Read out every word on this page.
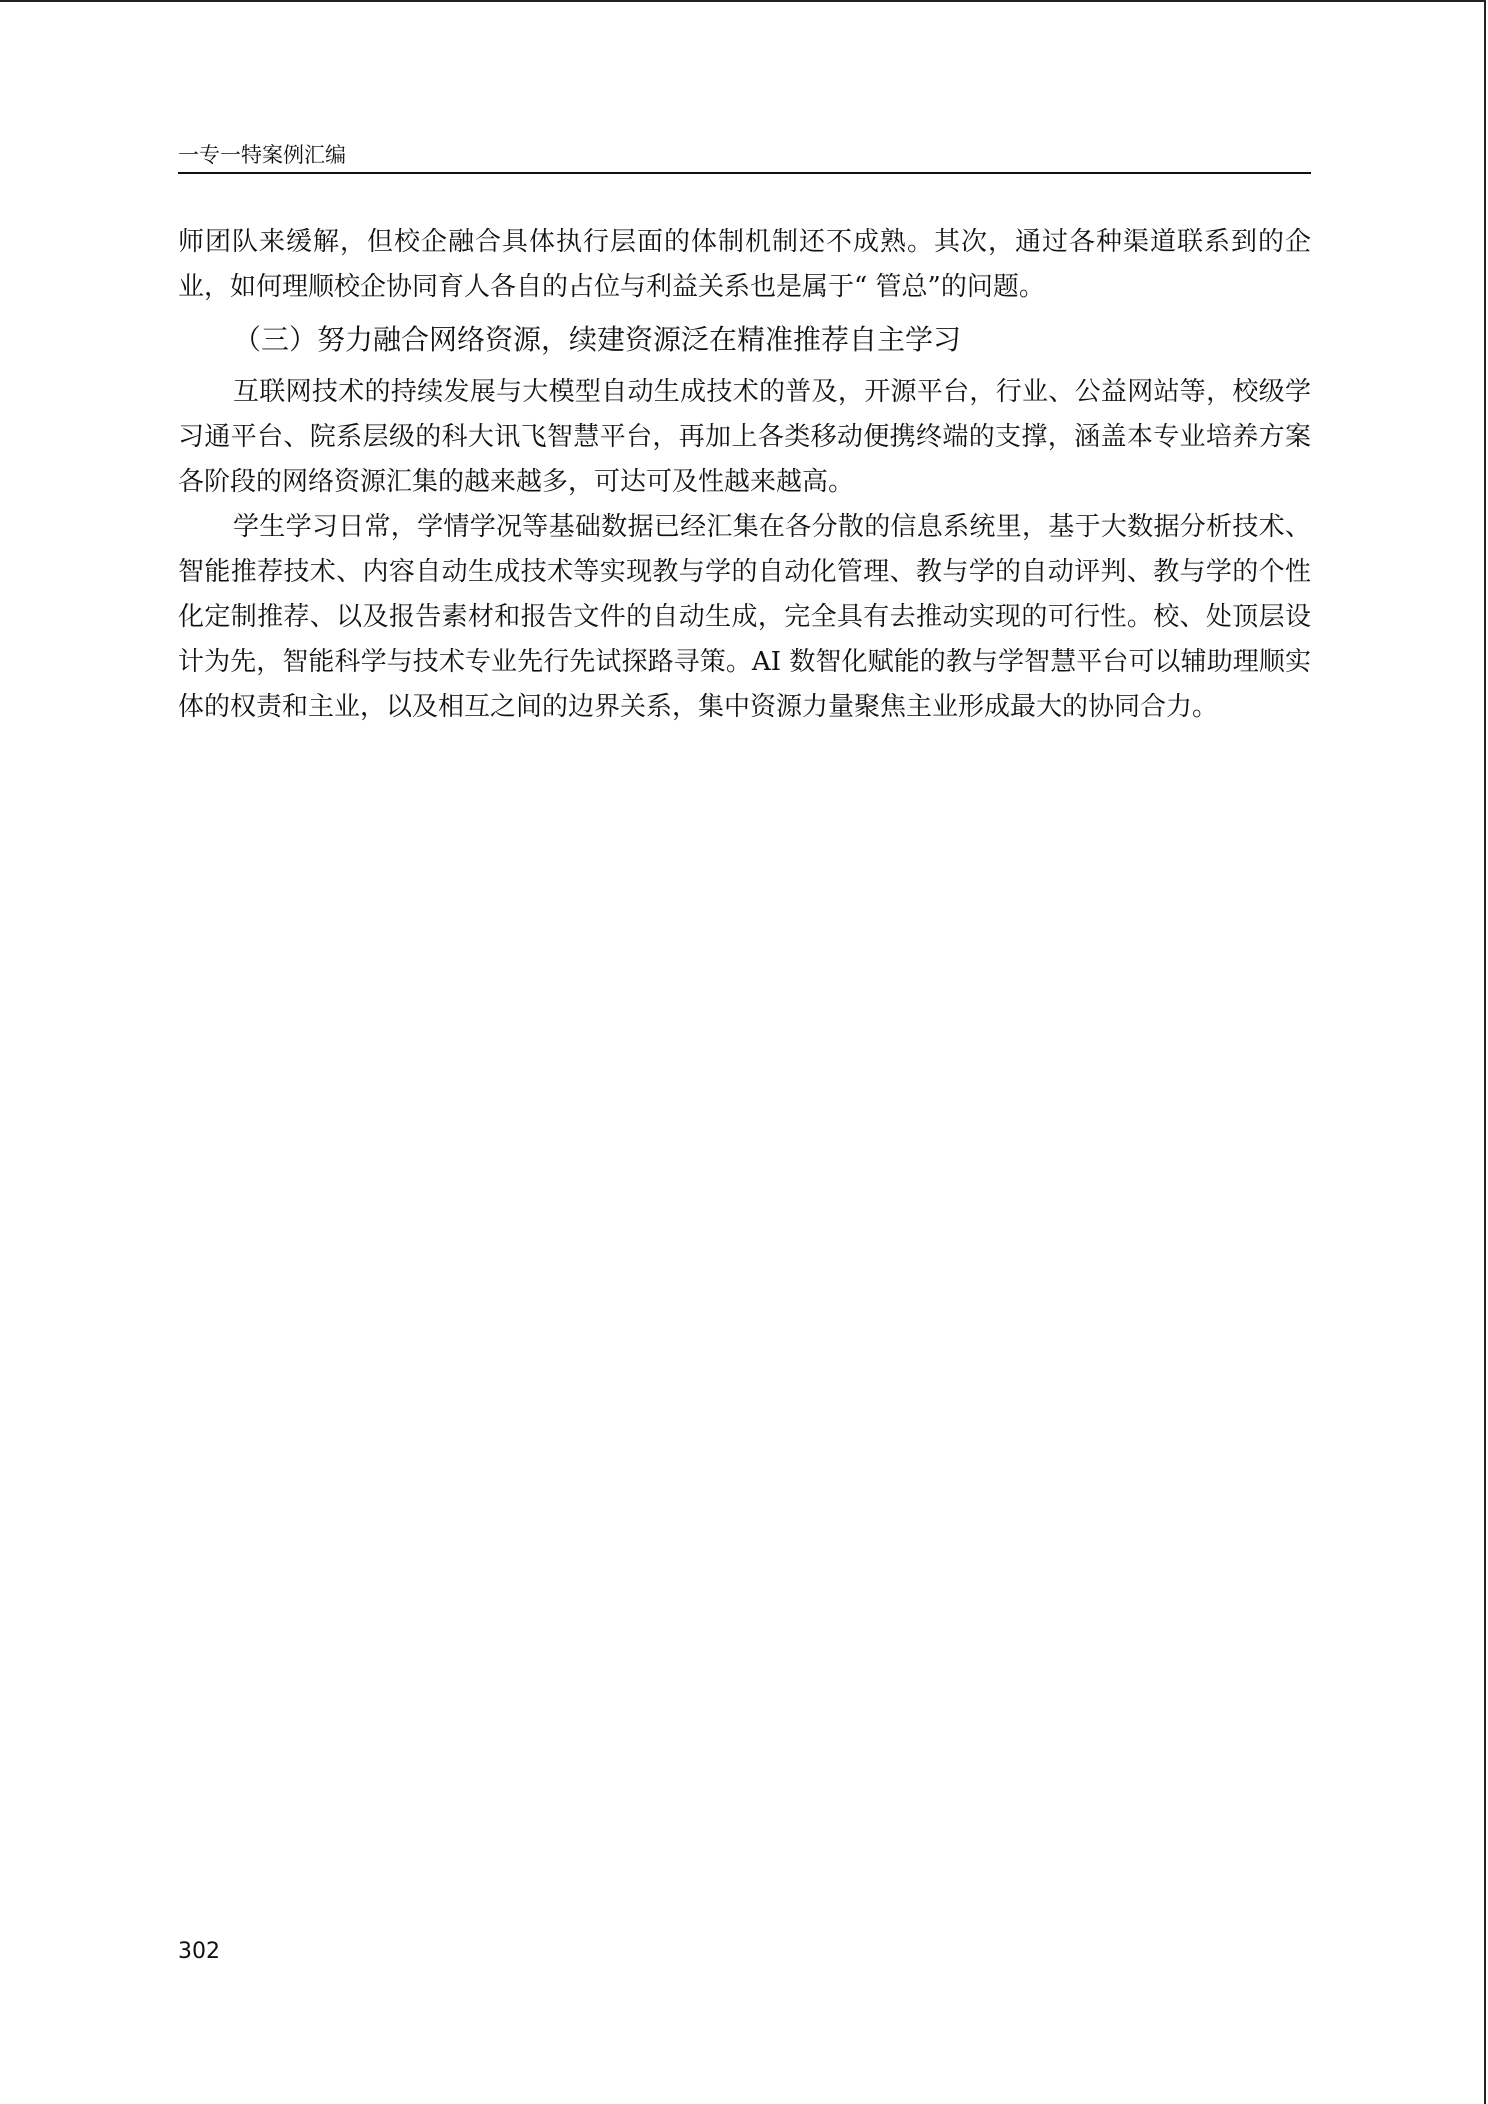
一专一特案例汇编

师团队来缓解，但校企融合具体执行层面的体制机制还不成熟。其次，通过各种渠道联系到的企业，如何理顺校企协同育人各自的占位与利益关系也是属于“ 管总”的问题。

（三）努力融合网络资源，续建资源泛在精准推荐自主学习

互联网技术的持续发展与大模型自动生成技术的普及，开源平台，行业、公益网站等，校级学习通平台、院系层级的科大讯飞智慧平台，再加上各类移动便携终端的支撑，涵盖本专业培养方案各阶段的网络资源汇集的越来越多，可达可及性越来越高。

学生学习日常，学情学况等基础数据已经汇集在各分散的信息系统里，基于大数据分析技术、智能推荐技术、内容自动生成技术等实现教与学的自动化管理、教与学的自动评判、教与学的个性化定制推荐、以及报告素材和报告文件的自动生成，完全具有去推动实现的可行性。校、处顶层设计为先，智能科学与技术专业先行先试探路寻策。AI 数智化赋能的教与学智慧平台可以辅助理顺实体的权责和主业，以及相互之间的边界关系，集中资源力量聚焦主业形成最大的协同合力。

302
